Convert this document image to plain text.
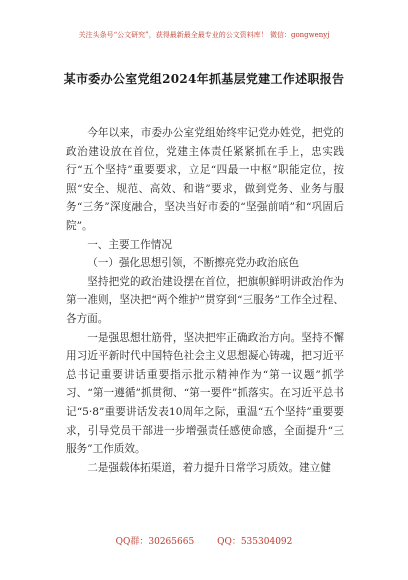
关注头条号“公文研究”，获得最新最全最专业的公文资料库！ 微信：gongwenyj
某市委办公室党组2024年抓基层党建工作述职报告

今年以来，市委办公室党组始终牢记党办姓党，把党的政治建设放在首位，党建主体责任紧紧抓在手上，忠实践行“五个坚持”重要要求，立足“四最一中枢”职能定位，按照“安全、规范、高效、和谐”要求，做到党务、业务与服务“三务”深度融合，坚决当好市委的“坚强前哨”和“巩固后院”。

一、主要工作情况

（一）强化思想引领，不断擦亮党办政治底色

坚持把党的政治建设摆在首位，把旗帜鲜明讲政治作为第一准则，坚决把“两个维护”贯穿到“三服务”工作全过程、各方面。

一是强思想壮筋骨，坚决把牢正确政治方向。坚持不懈用习近平新时代中国特色社会主义思想凝心铸魂，把习近平总书记重要讲话重要指示批示精神作为“第一议题”抓学习、“第一遵循”抓贯彻、“第一要件”抓落实。在习近平总书记“5·8”重要讲话发表10周年之际，重温“五个坚持”重要要求，引导党员干部进一步增强责任感使命感，全面提升“三服务”工作质效。

二是强载体拓渠道，着力提升日常学习质效。建立健

QQ群：30265665	QQ：535304092
